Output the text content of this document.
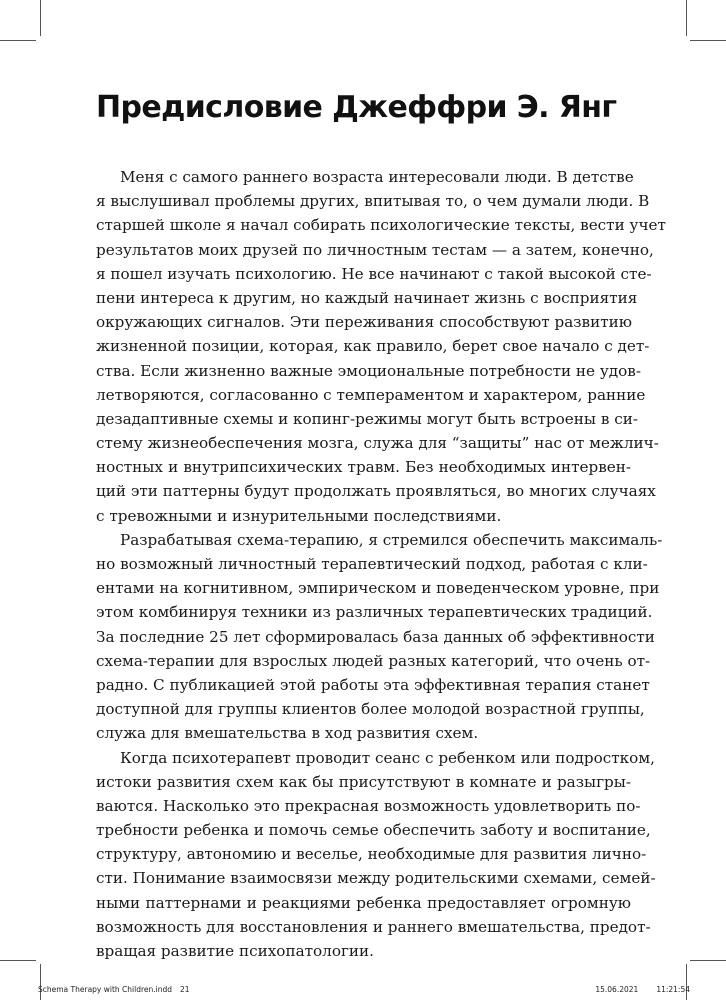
Предисловие Джеффри Э. Янг

Меня с самого раннего возраста интересовали люди. В детстве
я выслушивал проблемы других, впитывая то, о чем думали люди. В
старшей школе я начал собирать психологические тексты, вести учет
результатов моих друзей по личностным тестам — а затем, конечно,
я пошел изучать психологию. Не все начинают с такой высокой сте-
пени интереса к другим, но каждый начинает жизнь с восприятия
окружающих сигналов. Эти переживания способствуют развитию
жизненной позиции, которая, как правило, берет свое начало с дет-
ства. Если жизненно важные эмоциональные потребности не удов-
летворяются, согласованно с темпераментом и характером, ранние
дезадаптивные схемы и копинг-режимы могут быть встроены в си-
стему жизнеобеспечения мозга, служа для “защиты” нас от межлич-
ностных и внутрипсихических травм. Без необходимых интервен-
ций эти паттерны будут продолжать проявляться, во многих случаях
с тревожными и изнурительными последствиями.

Разрабатывая схема-терапию, я стремился обеспечить максималь-
но возможный личностный терапевтический подход, работая с кли-
ентами на когнитивном, эмпирическом и поведенческом уровне, при
этом комбинируя техники из различных терапевтических традиций.
За последние 25 лет сформировалась база данных об эффективности
схема-терапии для взрослых людей разных категорий, что очень от-
радно. С публикацией этой работы эта эффективная терапия станет
доступной для группы клиентов более молодой возрастной группы,
служа для вмешательства в ход развития схем.

Когда психотерапевт проводит сеанс с ребенком или подростком,
истоки развития схем как бы присутствуют в комнате и разыгры-
ваются. Насколько это прекрасная возможность удовлетворить по-
требности ребенка и помочь семье обеспечить заботу и воспитание,
структуру, автономию и веселье, необходимые для развития лично-
сти. Понимание взаимосвязи между родительскими схемами, семей-
ными паттернами и реакциями ребенка предоставляет огромную
возможность для восстановления и раннего вмешательства, предот-
вращая развитие психопатологии.

Schema Therapy with Children.indd 21	15.06.2021 11:21:54
